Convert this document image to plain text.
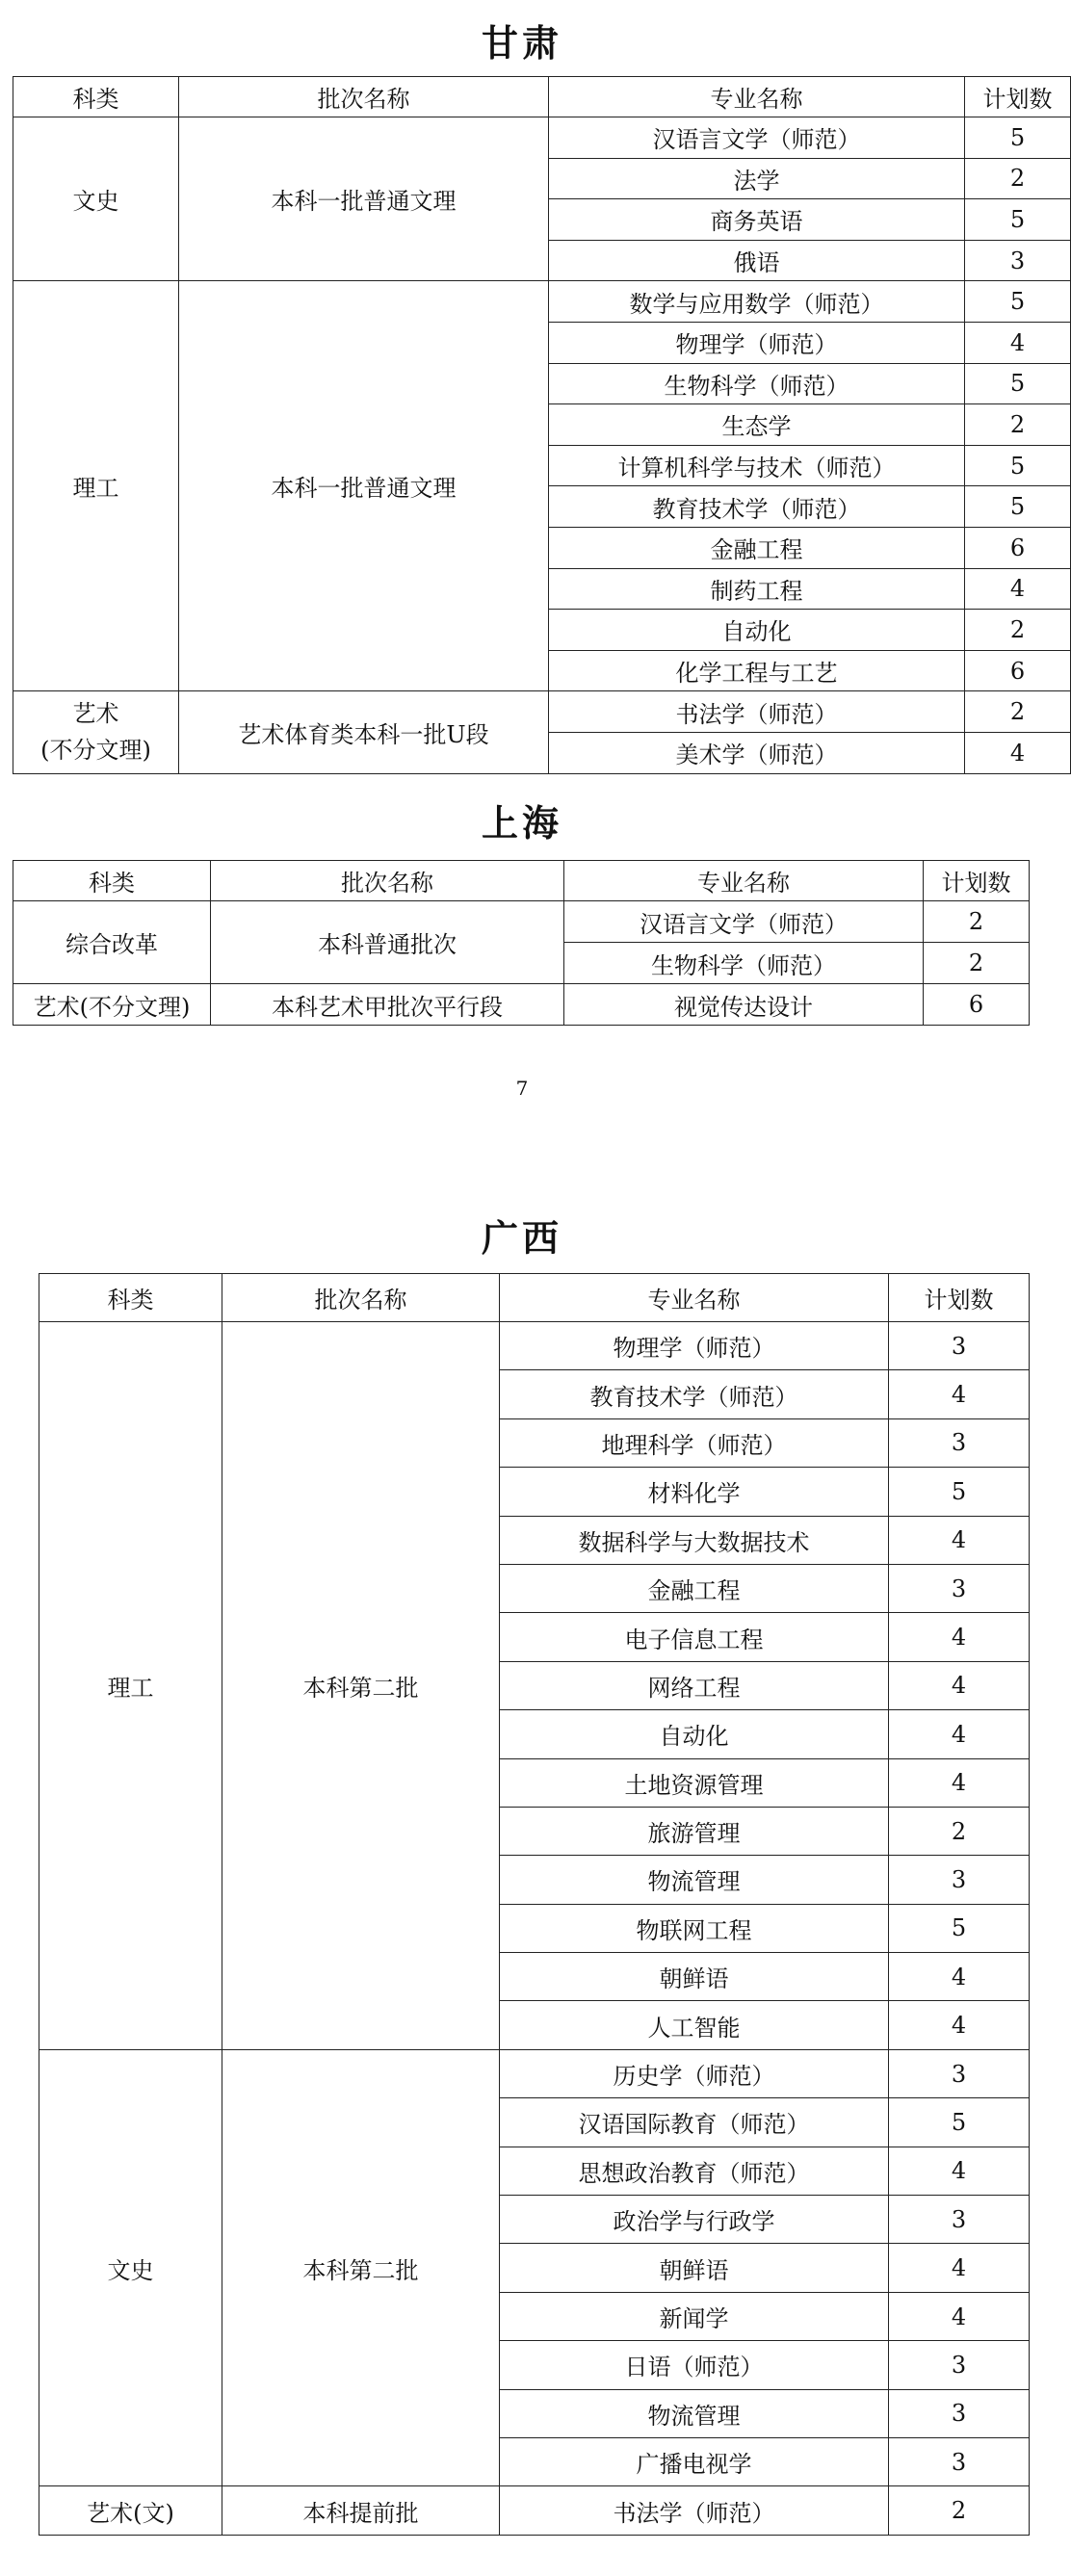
甘肃
科类	批次名称	专业名称	计划数
文史	本科一批普通文理	汉语言文学（师范）	5
		法学	2
		商务英语	5
		俄语	3
理工	本科一批普通文理	数学与应用数学（师范）	5
		物理学（师范）	4
		生物科学（师范）	5
		生态学	2
		计算机科学与技术（师范）	5
		教育技术学（师范）	5
		金融工程	6
		制药工程	4
		自动化	2
		化学工程与工艺	6

艺术
(不分文理)	艺术体育类本科一批U段	书法学（师范）	2
		美术学（师范）	4
上海
科类	批次名称	专业名称	计划数
综合改革	本科普通批次	汉语言文学（师范）	2
		生物科学（师范）	2
艺术(不分文理)	本科艺术甲批次平行段	视觉传达设计	6
7
广西
科类	批次名称	专业名称	计划数
理工	本科第二批	物理学（师范）	3
		教育技术学（师范）	4
		地理科学（师范）	3
		材料化学	5
		数据科学与大数据技术	4
		金融工程	3
		电子信息工程	4
		网络工程	4
		自动化	4
		土地资源管理	4
		旅游管理	2
		物流管理	3
		物联网工程	5
		朝鲜语	4
		人工智能	4
文史	本科第二批	历史学（师范）	3
		汉语国际教育（师范）	5
		思想政治教育（师范）	4
		政治学与行政学	3
		朝鲜语	4
		新闻学	4
		日语（师范）	3
		物流管理	3
		广播电视学	3
艺术(文)	本科提前批	书法学（师范）	2
